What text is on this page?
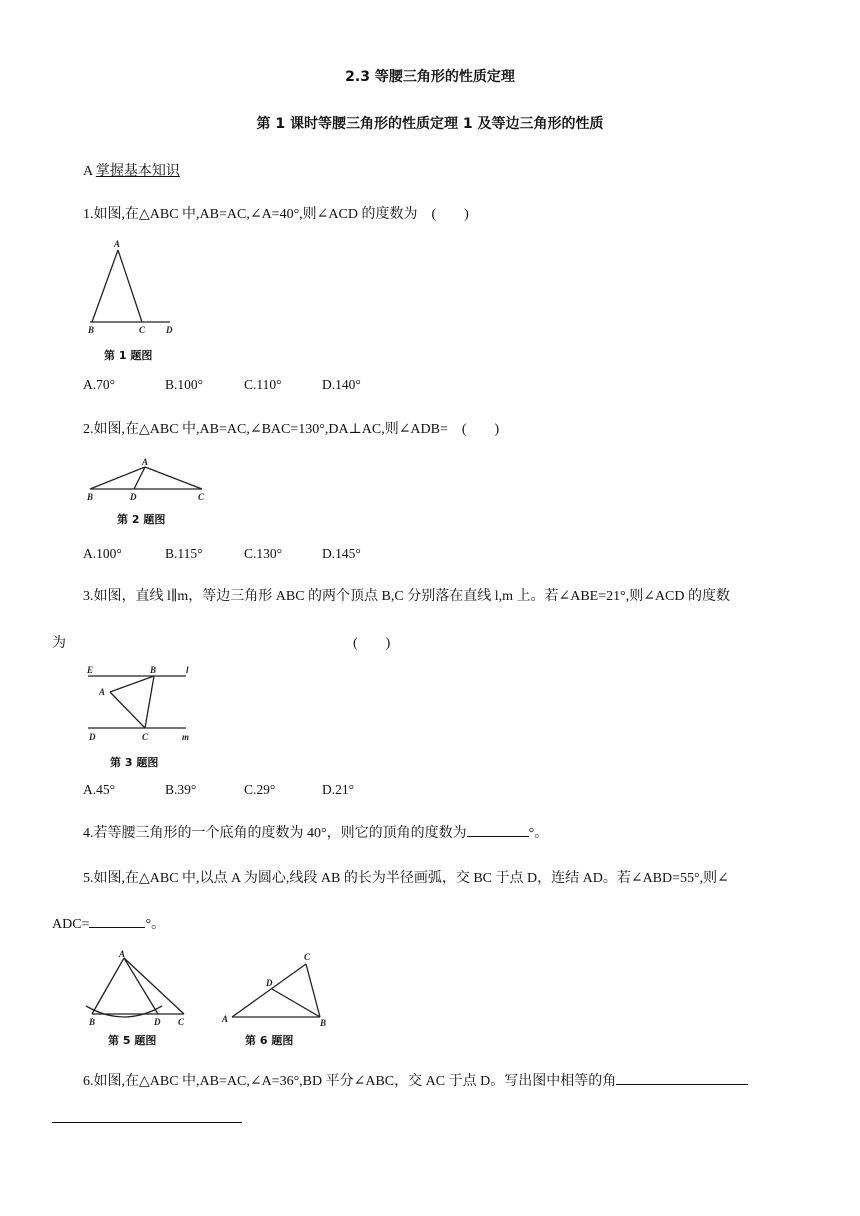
2.3 等腰三角形的性质定理
第 1 课时等腰三角形的性质定理 1 及等边三角形的性质
A 掌握基本知识
1.如图,在△ABC 中,AB=AC,∠A=40°,则∠ACD 的度数为　(　　)
A
B	C D
第 1 题图
A.70°	B.100°	C.110°	D.140°
2.如图,在△ABC 中,AB=AC,∠BAC=130°,DA⊥AC,则∠ADB=　(　　)
A
B	D	C
第 2 题图
A.100°	B.115°	C.130°	D.145°
3.如图，直线 l∥m，等边三角形 ABC 的两个顶点 B,C 分别落在直线 l,m 上。若∠ABE=21°,则∠ACD 的度数
为	(　　)
E	B	l
A
D	C	m
第 3 题图
A.45°	B.39°	C.29°	D.21°
4.若等腰三角形的一个底角的度数为 40°，则它的顶角的度数为	°。
5.如图,在△ABC 中,以点 A 为圆心,线段 AB 的长为半径画弧，交 BC 于点 D，连结 AD。若∠ABD=55°,则∠
ADC=	°。
A
B	D C
第 5 题图
C
D
A	B
第 6 题图
6.如图,在△ABC 中,AB=AC,∠A=36°,BD 平分∠ABC，交 AC 于点 D。写出图中相等的角
